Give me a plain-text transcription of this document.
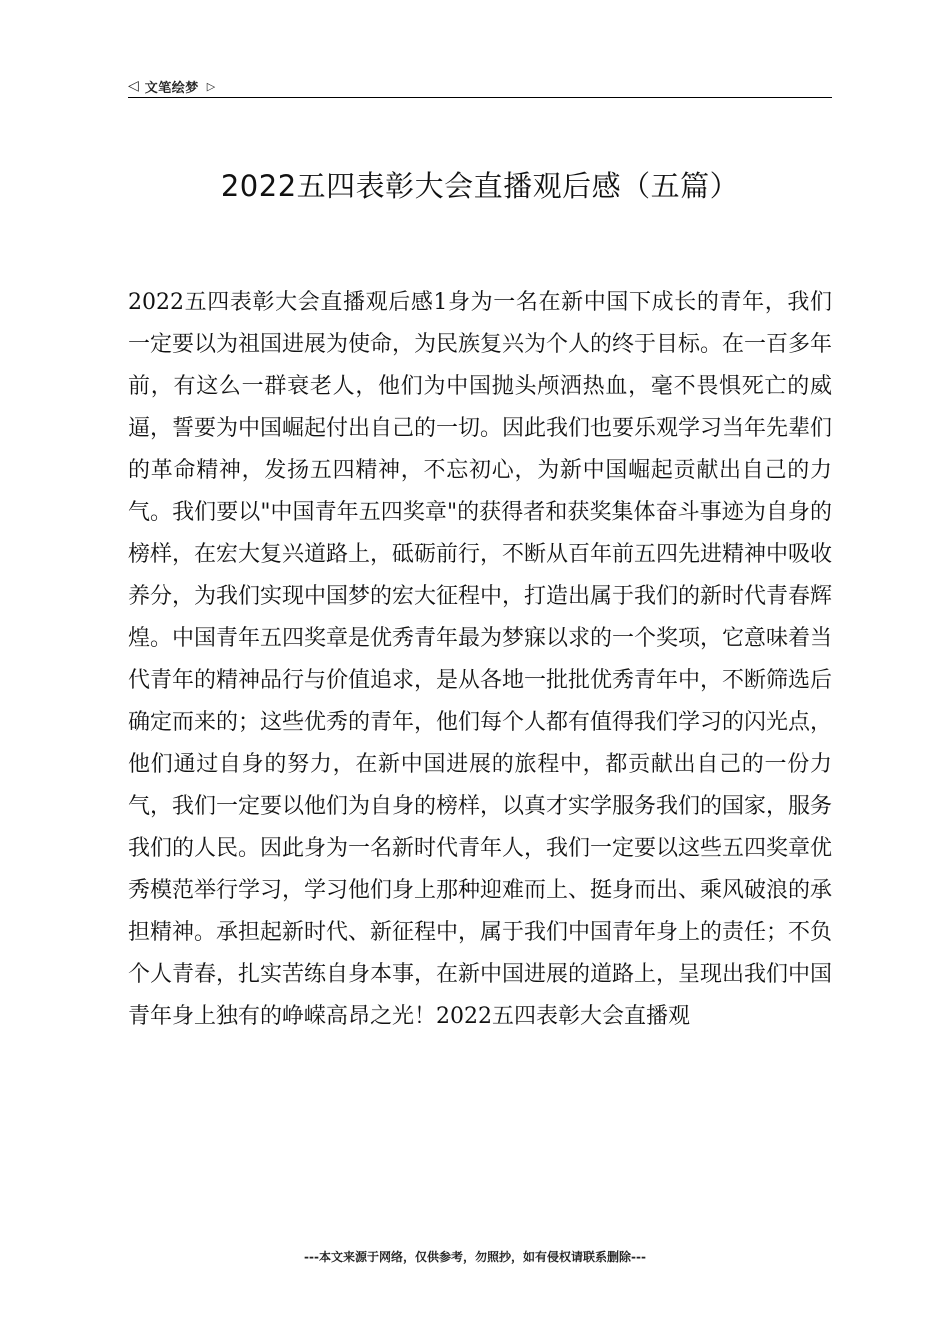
◁ 文笔绘梦 ▷
2022五四表彰大会直播观后感（五篇）
2022五四表彰大会直播观后感1身为一名在新中国下成长的青年，我们一定要以为祖国进展为使命，为民族复兴为个人的终于目标。在一百多年前，有这么一群衰老人，他们为中国抛头颅洒热血，毫不畏惧死亡的威逼，誓要为中国崛起付出自己的一切。因此我们也要乐观学习当年先辈们的革命精神，发扬五四精神，不忘初心，为新中国崛起贡献出自己的力气。我们要以"中国青年五四奖章"的获得者和获奖集体奋斗事迹为自身的榜样，在宏大复兴道路上，砥砺前行，不断从百年前五四先进精神中吸收养分，为我们实现中国梦的宏大征程中，打造出属于我们的新时代青春辉煌。中国青年五四奖章是优秀青年最为梦寐以求的一个奖项，它意味着当代青年的精神品行与价值追求，是从各地一批批优秀青年中，不断筛选后确定而来的；这些优秀的青年，他们每个人都有值得我们学习的闪光点，他们通过自身的努力，在新中国进展的旅程中，都贡献出自己的一份力气，我们一定要以他们为自身的榜样，以真才实学服务我们的国家，服务我们的人民。因此身为一名新时代青年人，我们一定要以这些五四奖章优秀模范举行学习，学习他们身上那种迎难而上、挺身而出、乘风破浪的承担精神。承担起新时代、新征程中，属于我们中国青年身上的责任；不负个人青春，扎实苦练自身本事，在新中国进展的道路上，呈现出我们中国青年身上独有的峥嵘高昂之光！2022五四表彰大会直播观
---本文来源于网络，仅供参考，勿照抄，如有侵权请联系删除---
